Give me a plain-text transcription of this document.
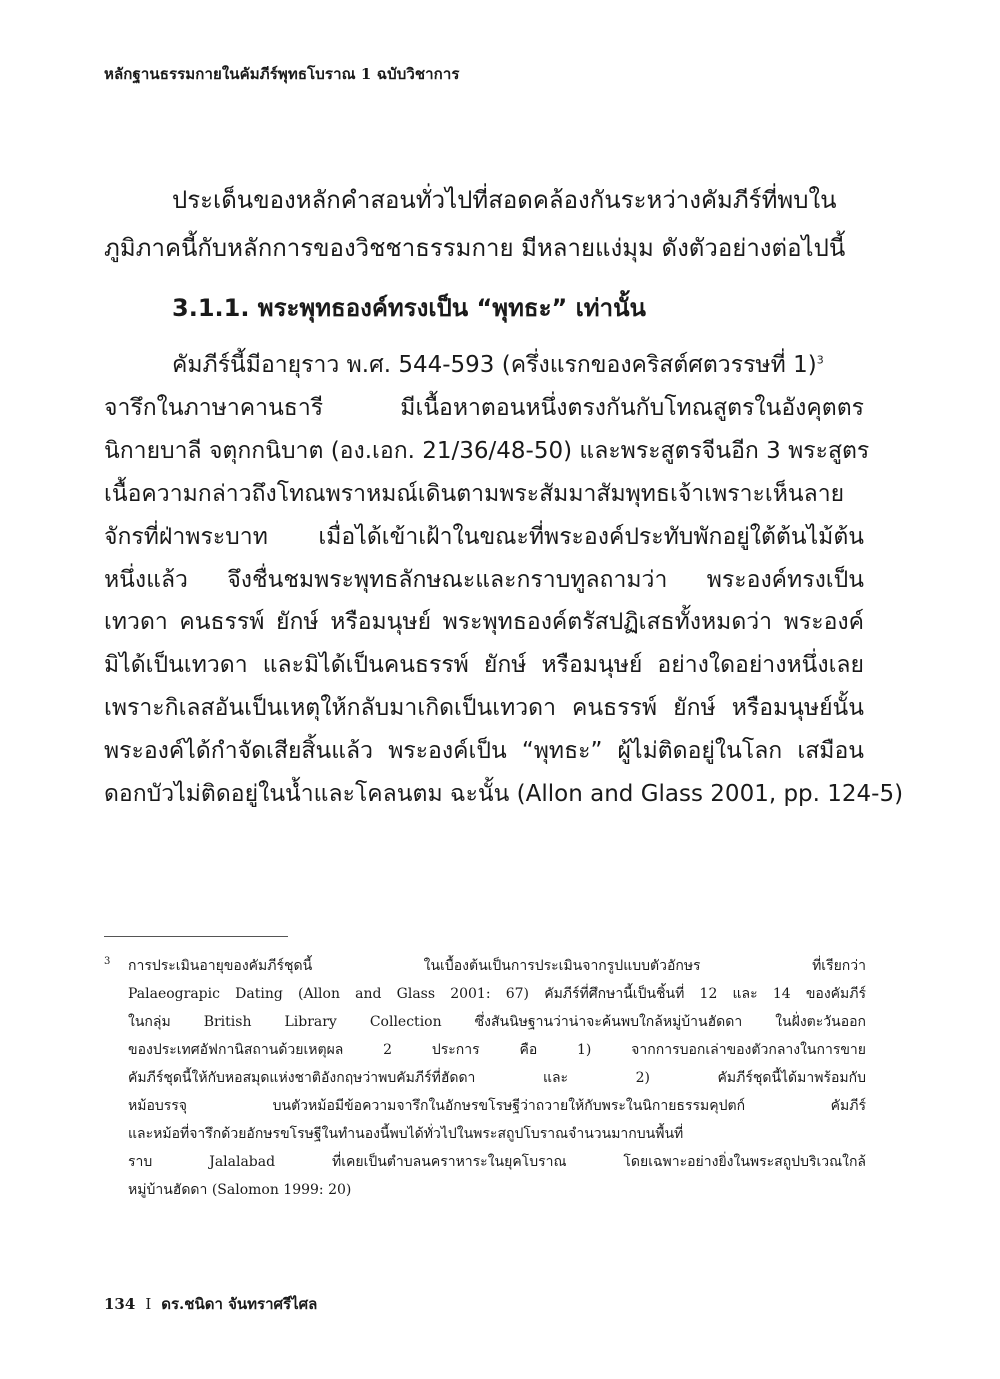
หลักฐานธรรมกายในคัมภีร์พุทธโบราณ 1 ฉบับวิชาการ
ประเด็นของหลักคำสอนทั่วไปที่สอดคล้องกันระหว่างคัมภีร์ที่พบใน
ภูมิภาคนี้กับหลักการของวิชชาธรรมกาย มีหลายแง่มุม ดังตัวอย่างต่อไปนี้
3.1.1. พระพุทธองค์ทรงเป็น “พุทธะ” เท่านั้น
คัมภีร์นี้มีอายุราว พ.ศ. 544-593 (ครึ่งแรกของคริสต์ศตวรรษที่ 1)$^3$
จารึกในภาษาคานธารี มีเนื้อหาตอนหนึ่งตรงกันกับโทณสูตรในอังคุตตร
นิกายบาลี จตุกกนิบาต (อง.เอก. 21/36/48-50) และพระสูตรจีนอีก 3 พระสูตร
เนื้อความกล่าวถึงโทณพราหมณ์เดินตามพระสัมมาสัมพุทธเจ้าเพราะเห็นลาย
จักรที่ฝ่าพระบาท เมื่อได้เข้าเฝ้าในขณะที่พระองค์ประทับพักอยู่ใต้ต้นไม้ต้น
หนึ่งแล้ว จึงชื่นชมพระพุทธลักษณะและกราบทูลถามว่า พระองค์ทรงเป็น
เทวดา คนธรรพ์ ยักษ์ หรือมนุษย์ พระพุทธองค์ตรัสปฏิเสธทั้งหมดว่า พระองค์
มิได้เป็นเทวดา และมิได้เป็นคนธรรพ์ ยักษ์ หรือมนุษย์ อย่างใดอย่างหนึ่งเลย
เพราะกิเลสอันเป็นเหตุให้กลับมาเกิดเป็นเทวดา คนธรรพ์ ยักษ์ หรือมนุษย์นั้น
พระองค์ได้กำจัดเสียสิ้นแล้ว พระองค์เป็น “พุทธะ” ผู้ไม่ติดอยู่ในโลก เสมือน
ดอกบัวไม่ติดอยู่ในน้ำและโคลนตม ฉะนั้น (Allon and Glass 2001, pp. 124-5)
3 การประเมินอายุของคัมภีร์ชุดนี้ ในเบื้องต้นเป็นการประเมินจากรูปแบบตัวอักษร ที่เรียกว่า
Palaeograpic Dating (Allon and Glass 2001: 67) คัมภีร์ที่ศึกษานี้เป็นชิ้นที่ 12 และ 14 ของคัมภีร์
ในกลุ่ม British Library Collection ซึ่งสันนิษฐานว่าน่าจะค้นพบใกล้หมู่บ้านฮัดดา ในฝั่งตะวันออก
ของประเทศอัฟกานิสถานด้วยเหตุผล 2 ประการ คือ 1) จากการบอกเล่าของตัวกลางในการขาย
คัมภีร์ชุดนี้ให้กับหอสมุดแห่งชาติอังกฤษว่าพบคัมภีร์ที่ฮัดดา และ 2) คัมภีร์ชุดนี้ได้มาพร้อมกับ
หม้อบรรจุ บนตัวหม้อมีข้อความจารึกในอักษรขโรษฐีว่าถวายให้กับพระในนิกายธรรมคุปตก์ คัมภีร์
และหม้อที่จารึกด้วยอักษรขโรษฐีในทำนองนี้พบได้ทั่วไปในพระสถูปโบราณจำนวนมากบนพื้นที่
ราบ Jalalabad ที่เคยเป็นตำบลนคราหาระในยุคโบราณ โดยเฉพาะอย่างยิ่งในพระสถูปบริเวณใกล้
หมู่บ้านฮัดดา (Salomon 1999: 20)
134 I ดร.ชนิดา จันทราศรีไศล
